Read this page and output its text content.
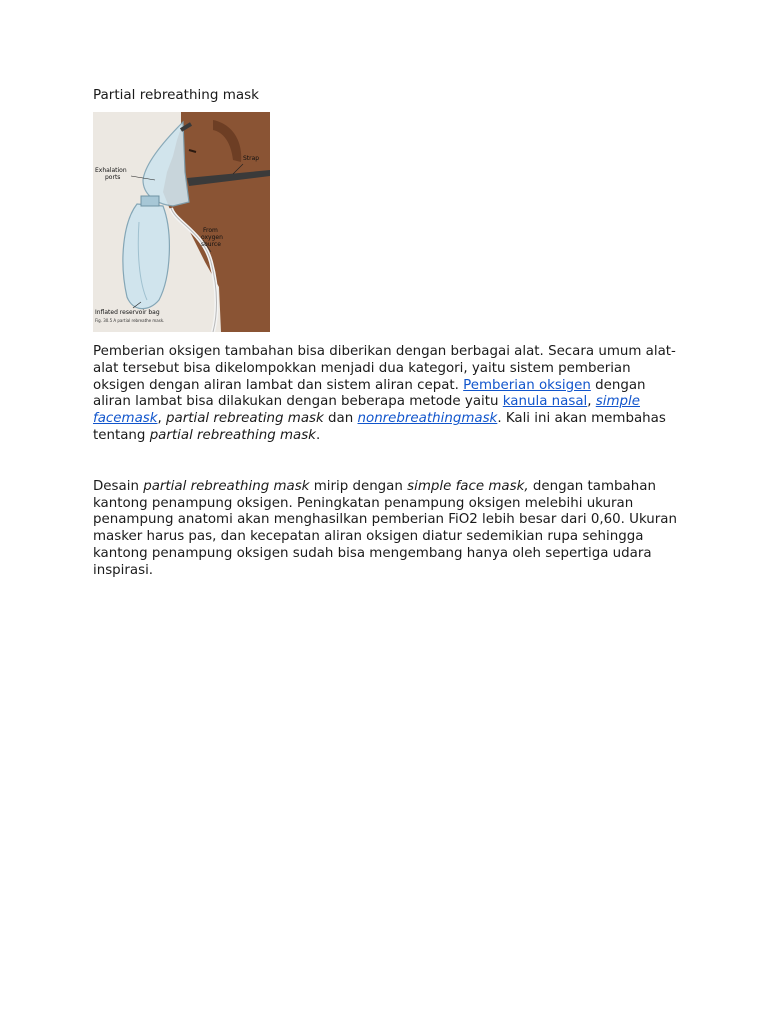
Partial rebreathing mask
Exhalation
ports
Strap
From
oxygen
source
Inflated reservoir bag
Fig. 30.5 A partial rebreathe mask.

Pemberian oksigen tambahan bisa diberikan dengan berbagai alat. Secara umum alat-alat tersebut bisa dikelompokkan menjadi dua kategori, yaitu sistem pemberian oksigen dengan aliran lambat dan sistem aliran cepat. Pemberian oksigen dengan aliran lambat bisa dilakukan dengan beberapa metode yaitu kanula nasal, simple facemask, partial rebreating mask dan nonrebreathingmask. Kali ini akan membahas tentang partial rebreathing mask.

Desain partial rebreathing mask mirip dengan simple face mask, dengan tambahan kantong penampung oksigen. Peningkatan penampung oksigen melebihi ukuran penampung anatomi akan menghasilkan pemberian FiO2 lebih besar dari 0,60. Ukuran masker harus pas, dan kecepatan aliran oksigen diatur sedemikian rupa sehingga kantong penampung oksigen sudah bisa mengembang hanya oleh sepertiga udara inspirasi.
